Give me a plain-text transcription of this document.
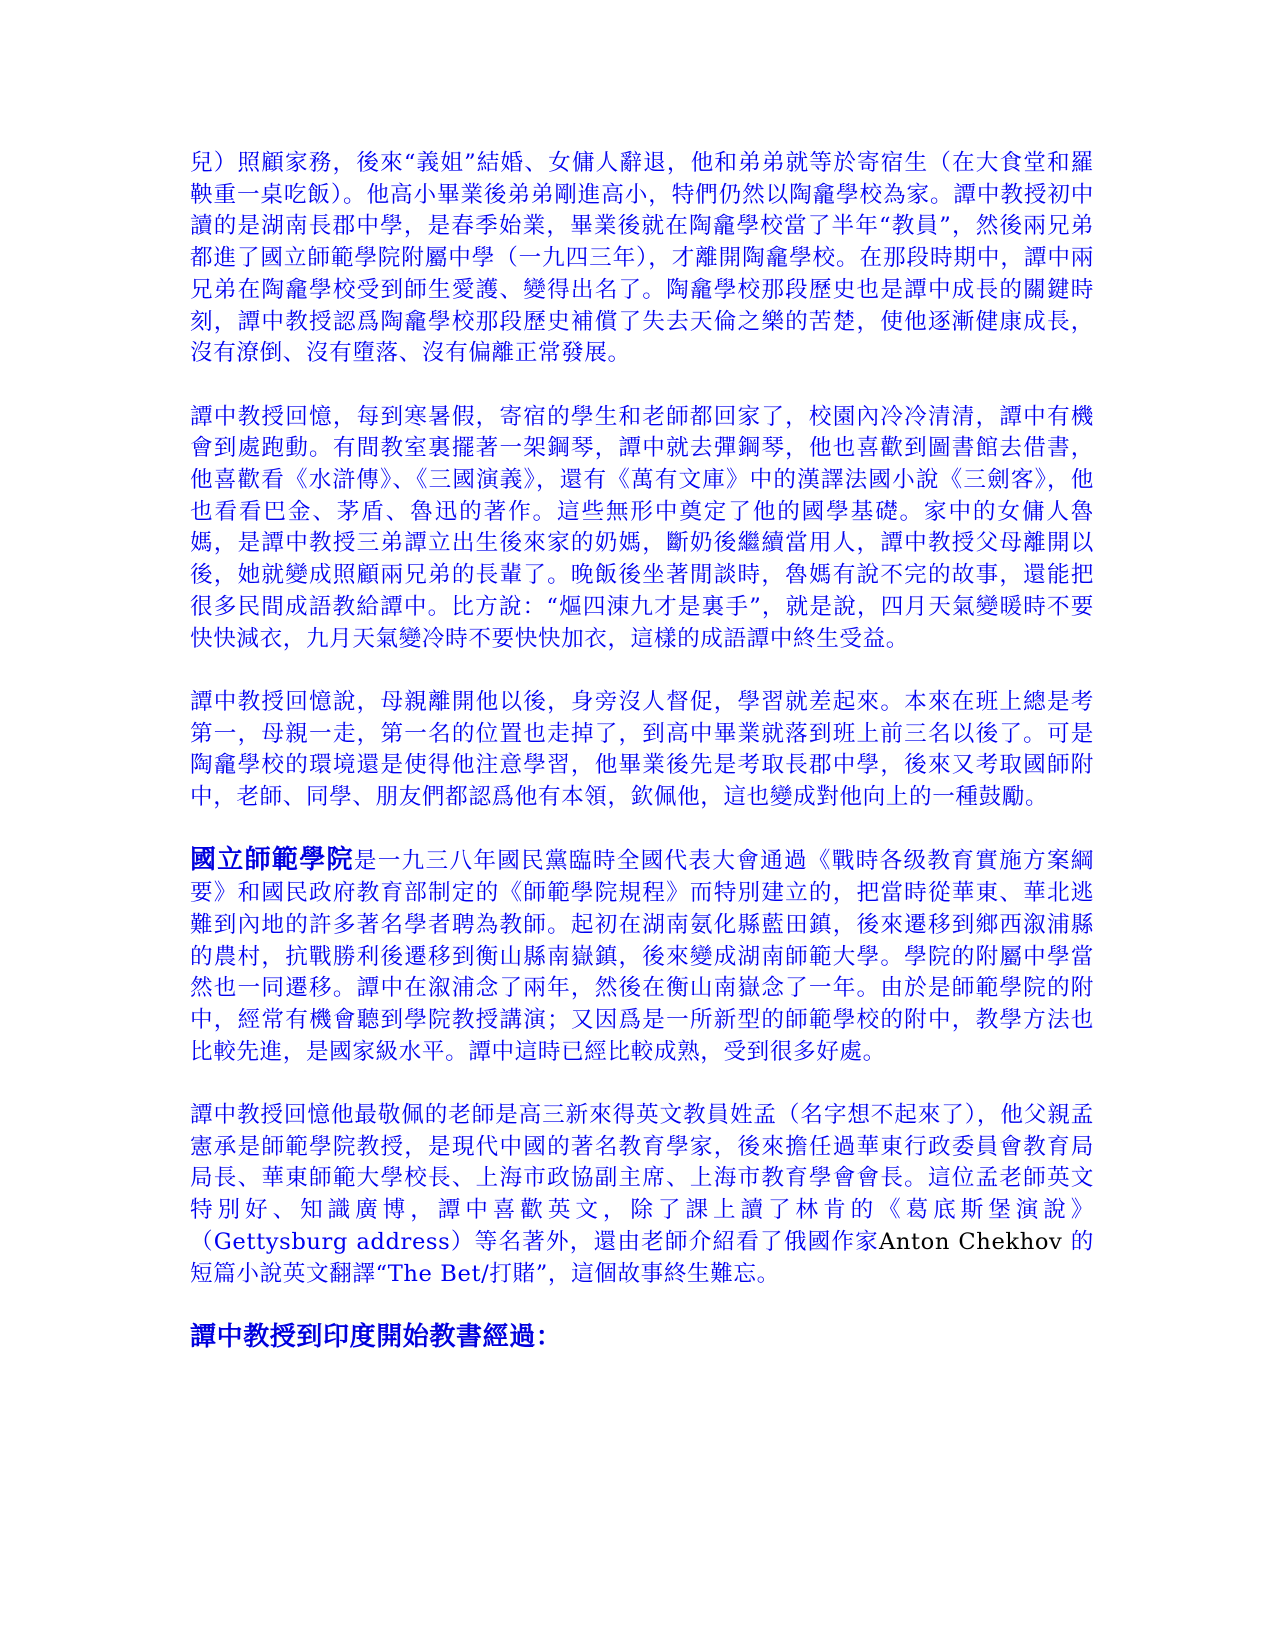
兒）照顧家務，後來“義姐”結婚、女傭人辭退，他和弟弟就等於寄宿生（在大食堂和羅鞅重一桌吃飯）。他高小畢業後弟弟剛進高小，特們仍然以陶龕學校為家。譚中教授初中讀的是湖南長郡中學，是春季始業，畢業後就在陶龕學校當了半年“教員”，然後兩兄弟都進了國立師範學院附屬中學（一九四三年），才離開陶龕學校。在那段時期中，譚中兩兄弟在陶龕學校受到師生愛護、變得出名了。陶龕學校那段歷史也是譚中成長的關鍵時刻，譚中教授認爲陶龕學校那段歷史補償了失去天倫之樂的苦楚，使他逐漸健康成長，沒有潦倒、沒有墮落、沒有偏離正常發展。

譚中教授回憶，每到寒暑假，寄宿的學生和老師都回家了，校園內冷冷清清，譚中有機會到處跑動。有間教室裏擺著一架鋼琴，譚中就去彈鋼琴，他也喜歡到圖書館去借書，他喜歡看《水滸傳》、《三國演義》，還有《萬有文庫》中的漢譯法國小說《三劍客》，他也看看巴金、茅盾、魯迅的著作。這些無形中奠定了他的國學基礎。家中的女傭人魯媽，是譚中教授三弟譚立出生後來家的奶媽，斷奶後繼續當用人，譚中教授父母離開以後，她就變成照顧兩兄弟的長輩了。晚飯後坐著閒談時，魯媽有說不完的故事，還能把很多民間成語教給譚中。比方說：“熰四涷九才是裏手”，就是說，四月天氣變暖時不要快快減衣，九月天氣變冷時不要快快加衣，這樣的成語譚中終生受益。

譚中教授回憶說，母親離開他以後，身旁沒人督促，學習就差起來。本來在班上總是考第一，母親一走，第一名的位置也走掉了，到高中畢業就落到班上前三名以後了。可是陶龕學校的環境還是使得他注意學習，他畢業後先是考取長郡中學，後來又考取國師附中，老師、同學、朋友們都認爲他有本領，欽佩他，這也變成對他向上的一種鼓勵。

國立師範學院是一九三八年國民黨臨時全國代表大會通過《戰時各级教育實施方案綱要》和國民政府教育部制定的《師範學院規程》而特別建立的，把當時從華東、華北逃難到內地的許多著名學者聘為教師。起初在湖南氨化縣藍田鎮，後來遷移到鄉西溆浦縣的農村，抗戰勝利後遷移到衡山縣南嶽鎮，後來變成湖南師範大學。學院的附屬中學當然也一同遷移。譚中在溆浦念了兩年，然後在衡山南嶽念了一年。由於是師範學院的附中，經常有機會聽到學院教授講演；又因爲是一所新型的師範學校的附中，教學方法也比較先進，是國家級水平。譚中這時已經比較成熟，受到很多好處。

譚中教授回憶他最敬佩的老師是高三新來得英文教員姓孟（名字想不起來了），他父親孟憲承是師範學院教授，是現代中國的著名教育學家，後來擔任過華東行政委員會教育局局長、華東師範大學校長、上海市政協副主席、上海市教育學會會長。這位孟老師英文特別好、知識廣博，譚中喜歡英文，除了課上讀了林肯的《葛底斯堡演說》（Gettysburg address）等名著外，還由老師介紹看了俄國作家Anton Chekhov 的短篇小說英文翻譯“The Bet/打賭”，這個故事終生難忘。

譚中教授到印度開始教書經過：
